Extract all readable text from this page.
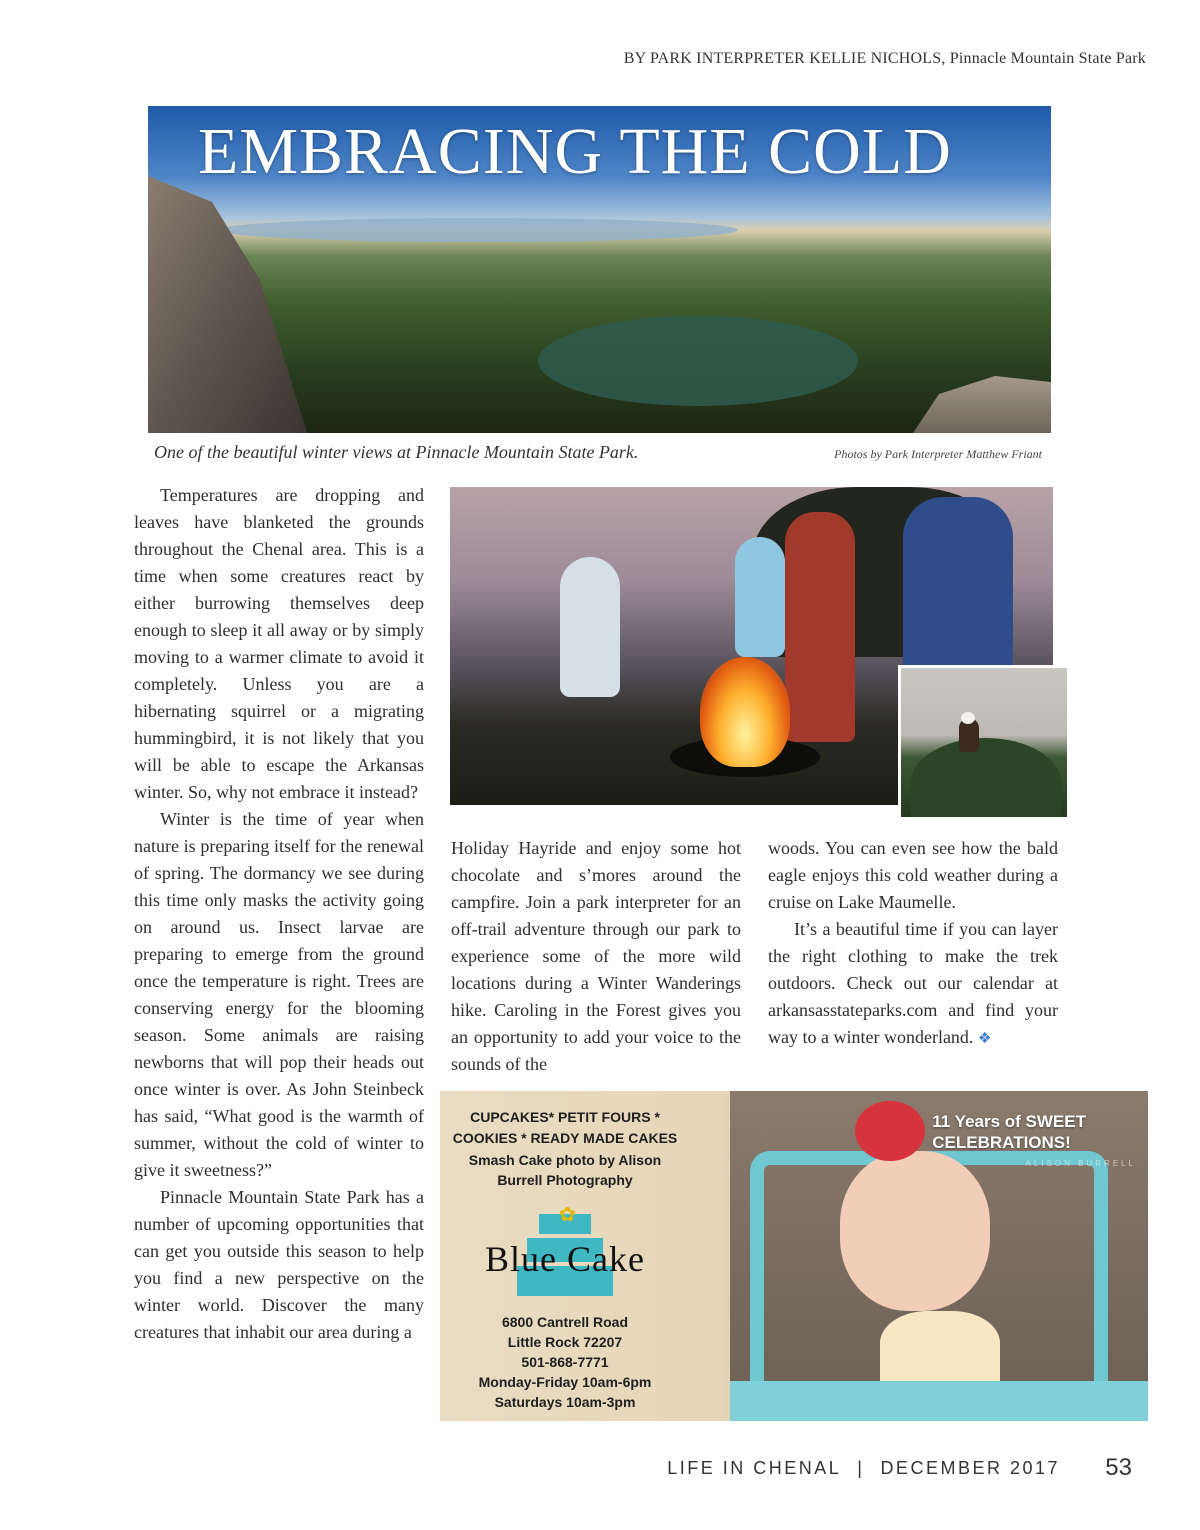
BY PARK INTERPRETER KELLIE NICHOLS, Pinnacle Mountain State Park
EMBRACING THE COLD
One of the beautiful winter views at Pinnacle Mountain State Park.	Photos by Park Interpreter Matthew Friant

Temperatures are dropping and leaves have blanketed the grounds throughout the Chenal area. This is a time when some creatures react by either burrowing themselves deep enough to sleep it all away or by simply moving to a warmer climate to avoid it completely. Unless you are a hibernating squirrel or a migrating hummingbird, it is not likely that you will be able to escape the Arkansas winter. So, why not embrace it instead?

Winter is the time of year when nature is preparing itself for the renewal of spring. The dormancy we see during this time only masks the activity going on around us. Insect larvae are preparing to emerge from the ground once the temperature is right. Trees are conserving energy for the blooming season. Some animals are raising newborns that will pop their heads out once winter is over. As John Steinbeck has said, “What good is the warmth of summer, without the cold of winter to give it sweetness?”

Pinnacle Mountain State Park has a number of upcoming opportunities that can get you outside this season to help you find a new perspective on the winter world. Discover the many creatures that inhabit our area during a

Holiday Hayride and enjoy some hot chocolate and s’mores around the campfire. Join a park interpreter for an off-trail adventure through our park to experience some of the more wild locations during a Winter Wanderings hike. Caroling in the Forest gives you an opportunity to add your voice to the sounds of the

woods. You can even see how the bald eagle enjoys this cold weather during a cruise on Lake Maumelle.

It’s a beautiful time if you can layer the right clothing to make the trek outdoors. Check out our calendar at arkansasstateparks.com and find your way to a winter wonderland. ❖

CUPCAKES* PETIT FOURS *
COOKIES * READY MADE CAKES
Smash Cake photo by Alison
Burrell Photography
✿
Blue Cake
6800 Cantrell Road
Little Rock 72207
501-868-7771
Monday-Friday 10am-6pm
Saturdays 10am-3pm
11 Years of SWEET
CELEBRATIONS!
ALISON BURRELL
LIFE IN CHENAL | DECEMBER 2017 53
